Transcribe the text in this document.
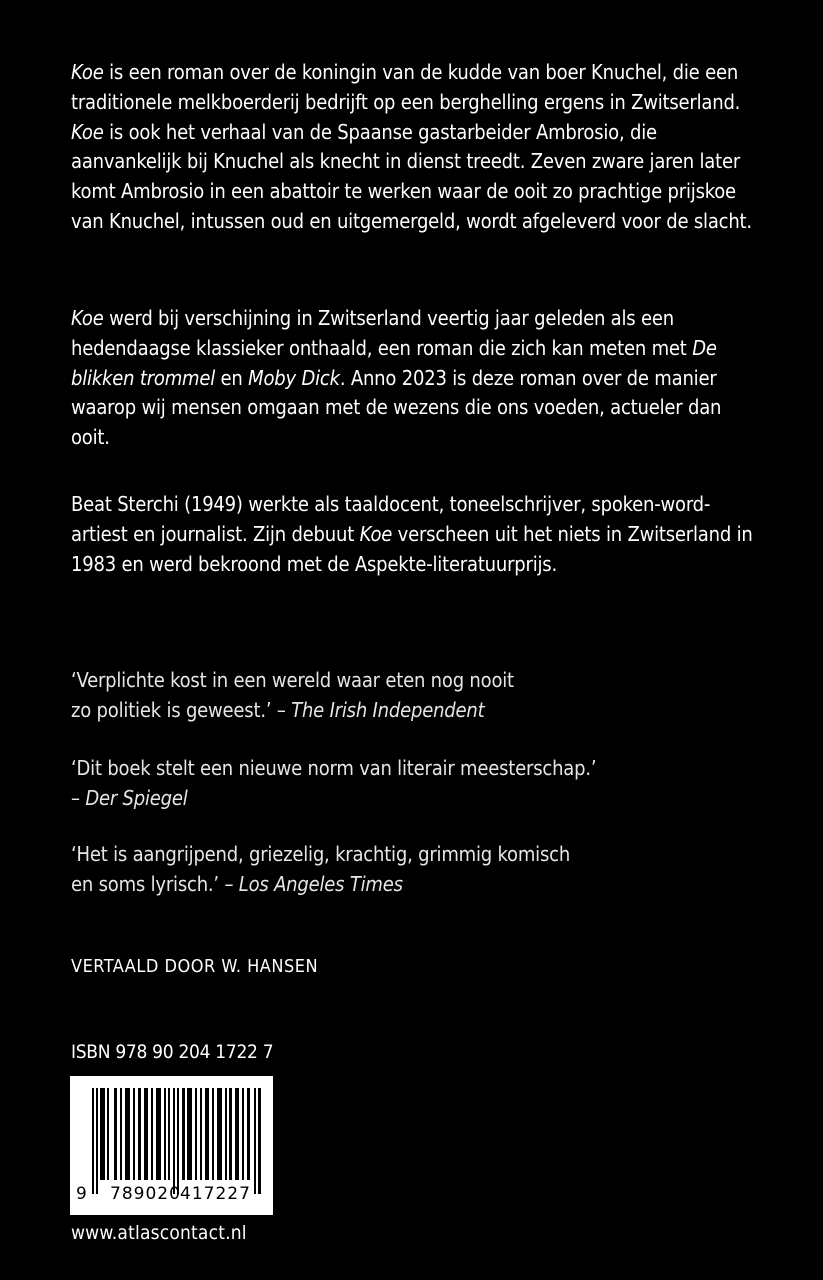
Koe is een roman over de koningin van de kudde van boer Knuchel, die een traditionele melkboerderij bedrijft op een berghelling ergens in Zwitserland. Koe is ook het verhaal van de Spaanse gastarbeider Ambrosio, die aanvankelijk bij Knuchel als knecht in dienst treedt. Zeven zware jaren later komt Ambrosio in een abattoir te werken waar de ooit zo prachtige prijskoe van Knuchel, intussen oud en uitgemergeld, wordt afgeleverd voor de slacht.
Koe werd bij verschijning in Zwitserland veertig jaar geleden als een hedendaagse klassieker onthaald, een roman die zich kan meten met De blikken trommel en Moby Dick. Anno 2023 is deze roman over de manier waarop wij mensen omgaan met de wezens die ons voeden, actueler dan ooit.
Beat Sterchi (1949) werkte als taaldocent, toneelschrijver, spoken-word-artiest en journalist. Zijn debuut Koe verscheen uit het niets in Zwitserland in 1983 en werd bekroond met de Aspekte-literatuurprijs.
‘Verplichte kost in een wereld waar eten nog nooit
zo politiek is geweest.’ – The Irish Independent
‘Dit boek stelt een nieuwe norm van literair meesterschap.’
– Der Spiegel
‘Het is aangrijpend, griezelig, krachtig, grimmig komisch
en soms lyrisch.’ – Los Angeles Times
VERTAALD DOOR W. HANSEN
ISBN 978 90 204 1722 7
9 789020 417227
www.atlascontact.nl
